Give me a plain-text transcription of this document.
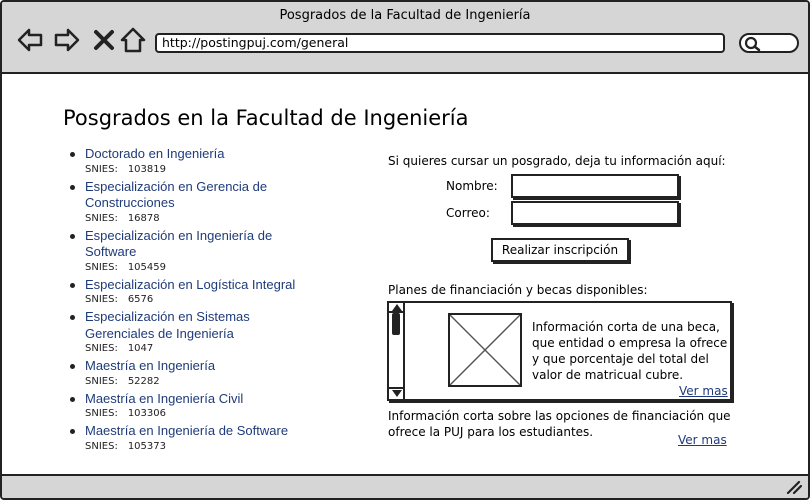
Posgrados de la Facultad de Ingeniería
http://postingpuj.com/general
Posgrados en la Facultad de Ingeniería
Doctorado en Ingeniería
SNIES: 103819
Especialización en Gerencia de Construcciones
SNIES: 16878
Especialización en Ingeniería de Software
SNIES: 105459
Especialización en Logística Integral
SNIES: 6576
Especialización en Sistemas Gerenciales de Ingeniería
SNIES: 1047
Maestría en Ingeniería
SNIES: 52282
Maestría en Ingeniería Civil
SNIES: 103306
Maestría en Ingeniería de Software
SNIES: 105373
Si quieres cursar un posgrado, deja tu información aquí:
Nombre:
Correo:
Realizar inscripción
Planes de financiación y becas disponibles:
Información corta de una beca, que entidad o empresa la ofrece y que porcentaje del total del valor de matricual cubre.
Ver mas
Información corta sobre las opciones de financiación que ofrece la PUJ para los estudiantes.
Ver mas
